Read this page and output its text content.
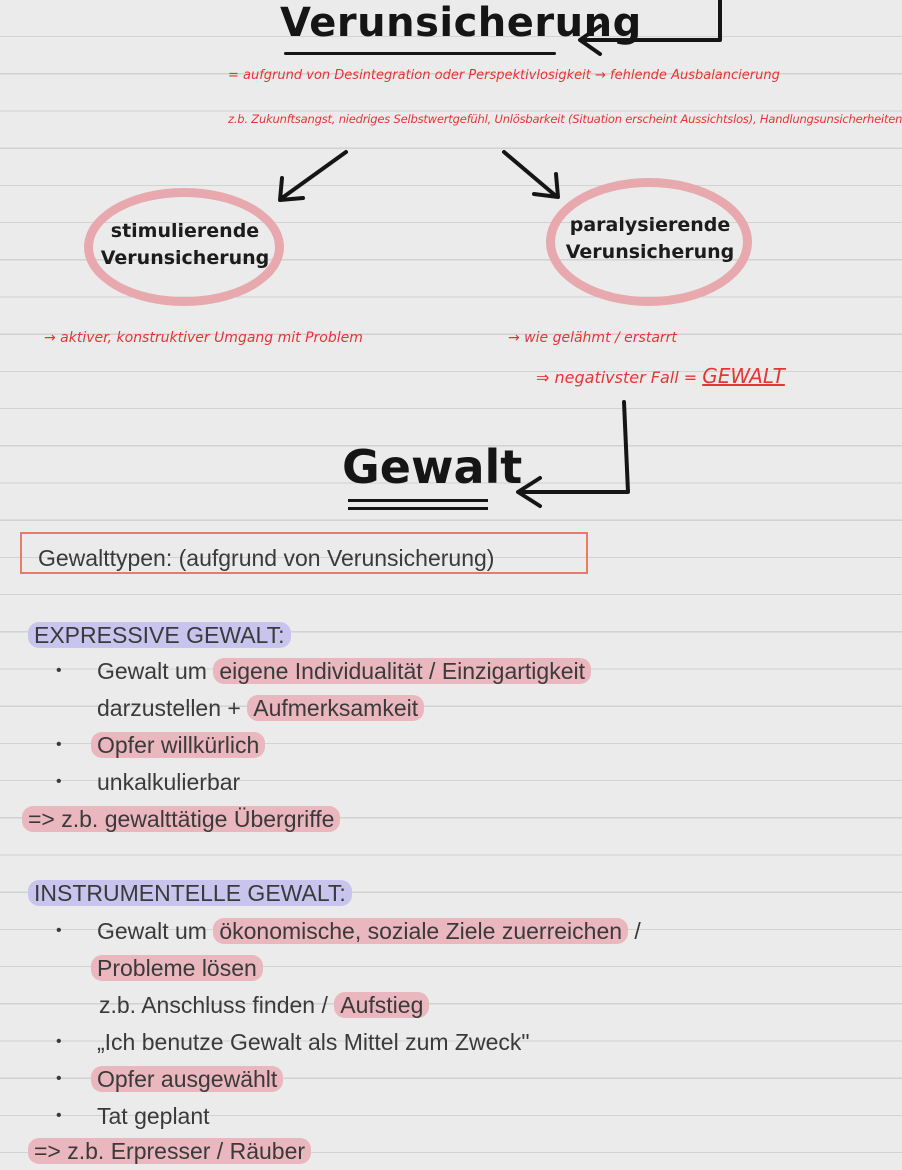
Verunsicherung
= aufgrund von Desintegration oder Perspektivlosigkeit → fehlende Ausbalancierung
z.b. Zukunftsangst, niedriges Selbstwertgefühl, Unlösbarkeit (Situation erscheint Aussichtslos), Handlungsunsicherheiten
stimulierende
Verunsicherung
paralysierende
Verunsicherung
→ aktiver, konstruktiver Umgang mit Problem	→ wie gelähmt / erstarrt
⇒ negativster Fall = GEWALT
Gewalt
Gewalttypen: (aufgrund von Verunsicherung)
EXPRESSIVE GEWALT:
• Gewalt um eigene Individualität / Einzigartigkeit
darzustellen + Aufmerksamkeit
• Opfer willkürlich
• unkalkulierbar
=> z.b. gewalttätige Übergriffe
INSTRUMENTELLE GEWALT:
• Gewalt um ökonomische, soziale Ziele zuerreichen /
Probleme lösen
z.b. Anschluss finden / Aufstieg
• „Ich benutze Gewalt als Mittel zum Zweck"
• Opfer ausgewählt
• Tat geplant
=> z.b. Erpresser / Räuber
